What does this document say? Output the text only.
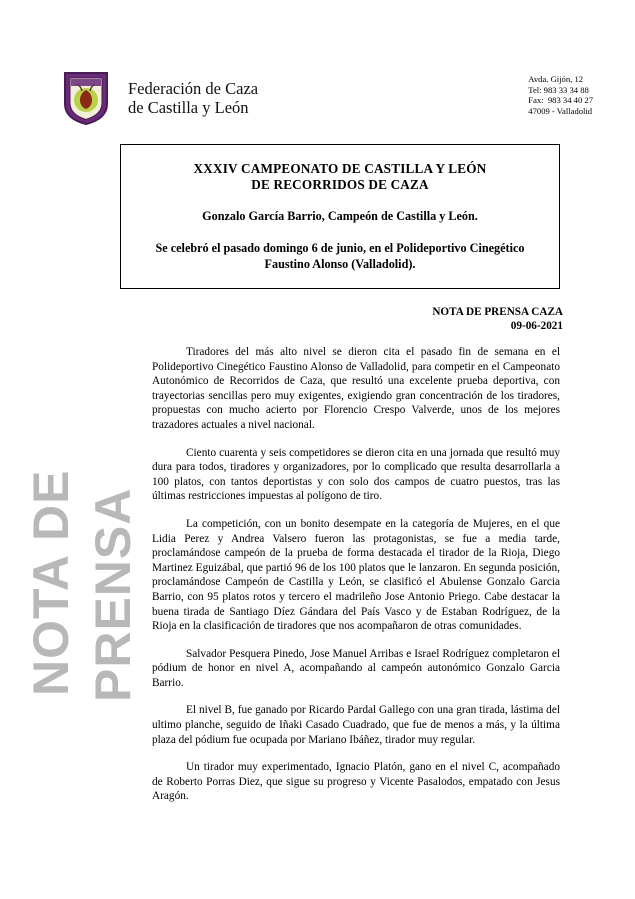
Federación de Caza
de Castilla y León
Avda. Gijón, 12
Tel: 983 33 34 88
Fax:  983 34 40 27
47009 - Valladolid
NOTA DE PRENSA
XXXIV CAMPEONATO DE CASTILLA Y LEÓN
DE RECORRIDOS DE CAZA
Gonzalo García Barrio, Campeón de Castilla y León.
Se celebró el pasado domingo 6 de junio, en el Polideportivo Cinegético
Faustino Alonso (Valladolid).
NOTA DE PRENSA CAZA
09-06-2021

Tiradores del más alto nivel se dieron cita el pasado fin de semana en el Polideportivo Cinegético Faustino Alonso de Valladolid, para competir en el Campeonato Autonómico de Recorridos de Caza, que resultó una excelente prueba deportiva, con trayectorias sencillas pero muy exigentes, exigiendo gran concentración de los tiradores, propuestas con mucho acierto por Florencio Crespo Valverde, unos de los mejores trazadores actuales a nivel nacional.

Ciento cuarenta y seis competidores se dieron cita en una jornada que resultó muy dura para todos, tiradores y organizadores, por lo complicado que resulta desarrollarla a 100 platos, con tantos deportistas y con solo dos campos de cuatro puestos, tras las últimas restricciones impuestas al polígono de tiro.

La competición, con un bonito desempate en la categoría de Mujeres, en el que Lidia Perez y Andrea Valsero fueron las protagonistas, se fue a media tarde, proclamándose campeón de la prueba de forma destacada el tirador de la Rioja, Diego Martinez Eguizábal, que partió 96 de los 100 platos que le lanzaron. En segunda posición, proclamándose Campeón de Castilla y León, se clasificó el Abulense Gonzalo Garcia Barrio, con 95 platos rotos y tercero el madrileño Jose Antonio Priego. Cabe destacar la buena tirada de Santiago Díez Gándara del País Vasco y de Estaban Rodríguez, de la Rioja en la clasificación de tiradores que nos acompañaron de otras comunidades.

Salvador Pesquera Pinedo, Jose Manuel Arribas e Israel Rodríguez completaron el pódium de honor en nivel A, acompañando al campeón autonómico Gonzalo Garcia Barrio.

El nivel B, fue ganado por Ricardo Pardal Gallego con una gran tirada, lástima del ultimo planche, seguido de Iñaki Casado Cuadrado, que fue de menos a más, y la última plaza del pódium fue ocupada por Mariano Ibáñez, tirador muy regular.

Un tirador muy experimentado, Ignacio Platón, gano en el nivel C, acompañado de Roberto Porras Diez, que sigue su progreso y Vicente Pasalodos, empatado con Jesus Aragón.
